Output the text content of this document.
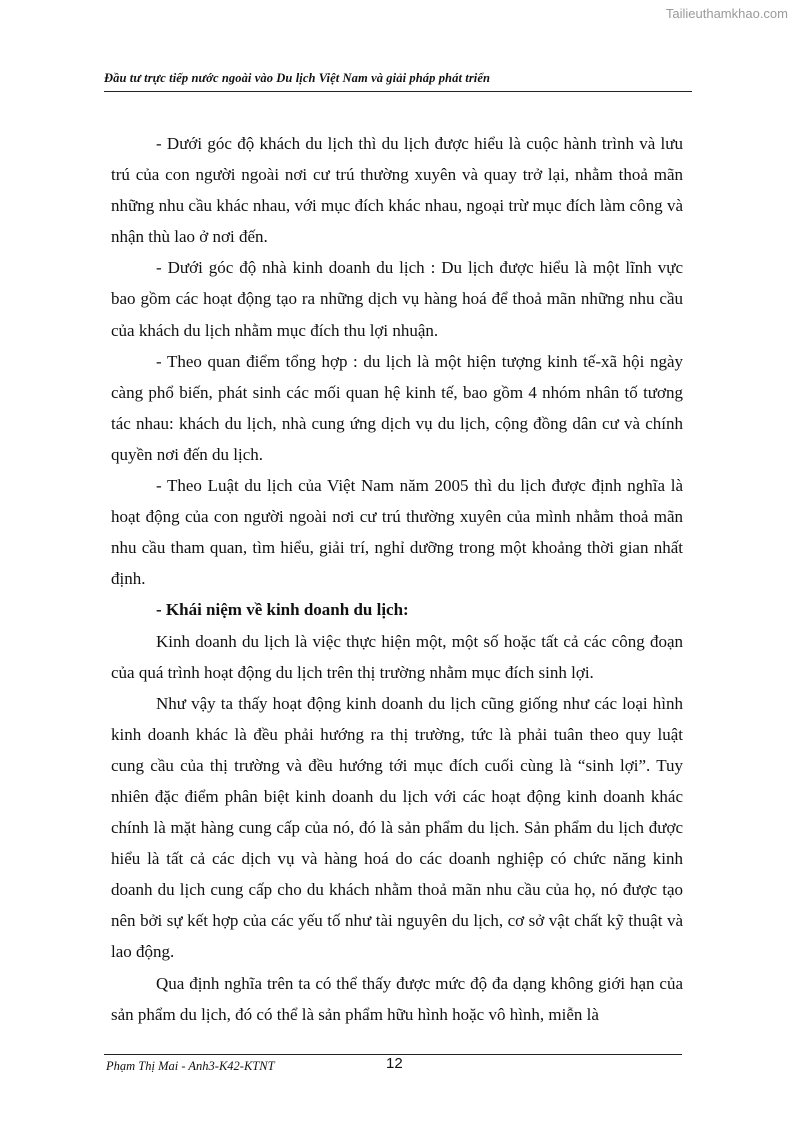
Tailieuthamkhao.com
Đầu tư trực tiếp nước ngoài vào Du lịch Việt Nam và giải pháp phát triển

- Dưới góc độ khách du lịch thì du lịch được hiểu là cuộc hành trình và lưu trú của con người ngoài nơi cư trú thường xuyên và quay trở lại, nhằm thoả mãn những nhu cầu khác nhau, với mục đích khác nhau, ngoại trừ mục đích làm công và nhận thù lao ở nơi đến.

- Dưới góc độ nhà kinh doanh du lịch : Du lịch được hiểu là một lĩnh vực bao gồm các hoạt động tạo ra những dịch vụ hàng hoá để thoả mãn những nhu cầu của khách du lịch nhằm mục đích thu lợi nhuận.

- Theo quan điểm tổng hợp : du lịch là một hiện tượng kinh tế-xã hội ngày càng phổ biến, phát sinh các mối quan hệ kinh tế, bao gồm 4 nhóm nhân tố tương tác nhau: khách du lịch, nhà cung ứng dịch vụ du lịch, cộng đồng dân cư và chính quyền nơi đến du lịch.

- Theo Luật du lịch của Việt Nam năm 2005 thì du lịch được định nghĩa là hoạt động của con người ngoài nơi cư trú thường xuyên của mình nhằm thoả mãn nhu cầu tham quan, tìm hiểu, giải trí, nghỉ dưỡng trong một khoảng thời gian nhất định.

- Khái niệm về kinh doanh du lịch:

Kinh doanh du lịch là việc thực hiện một, một số hoặc tất cả các công đoạn của quá trình hoạt động du lịch trên thị trường nhằm mục đích sinh lợi.

Như vậy ta thấy hoạt động kinh doanh du lịch cũng giống như các loại hình kinh doanh khác là đều phải hướng ra thị trường, tức là phải tuân theo quy luật cung cầu của thị trường và đều hướng tới mục đích cuối cùng là “sinh lợi”. Tuy nhiên đặc điểm phân biệt kinh doanh du lịch với các hoạt động kinh doanh khác chính là mặt hàng cung cấp của nó, đó là sản phẩm du lịch. Sản phẩm du lịch được hiểu là tất cả các dịch vụ và hàng hoá do các doanh nghiệp có chức năng kinh doanh du lịch cung cấp cho du khách nhằm thoả mãn nhu cầu của họ, nó được tạo nên bởi sự kết hợp của các yếu tố như tài nguyên du lịch, cơ sở vật chất kỹ thuật và lao động.

Qua định nghĩa trên ta có thể thấy được mức độ đa dạng không giới hạn của sản phẩm du lịch, đó có thể là sản phẩm hữu hình hoặc vô hình, miễn là

Phạm Thị Mai - Anh3-K42-KTNT	12
